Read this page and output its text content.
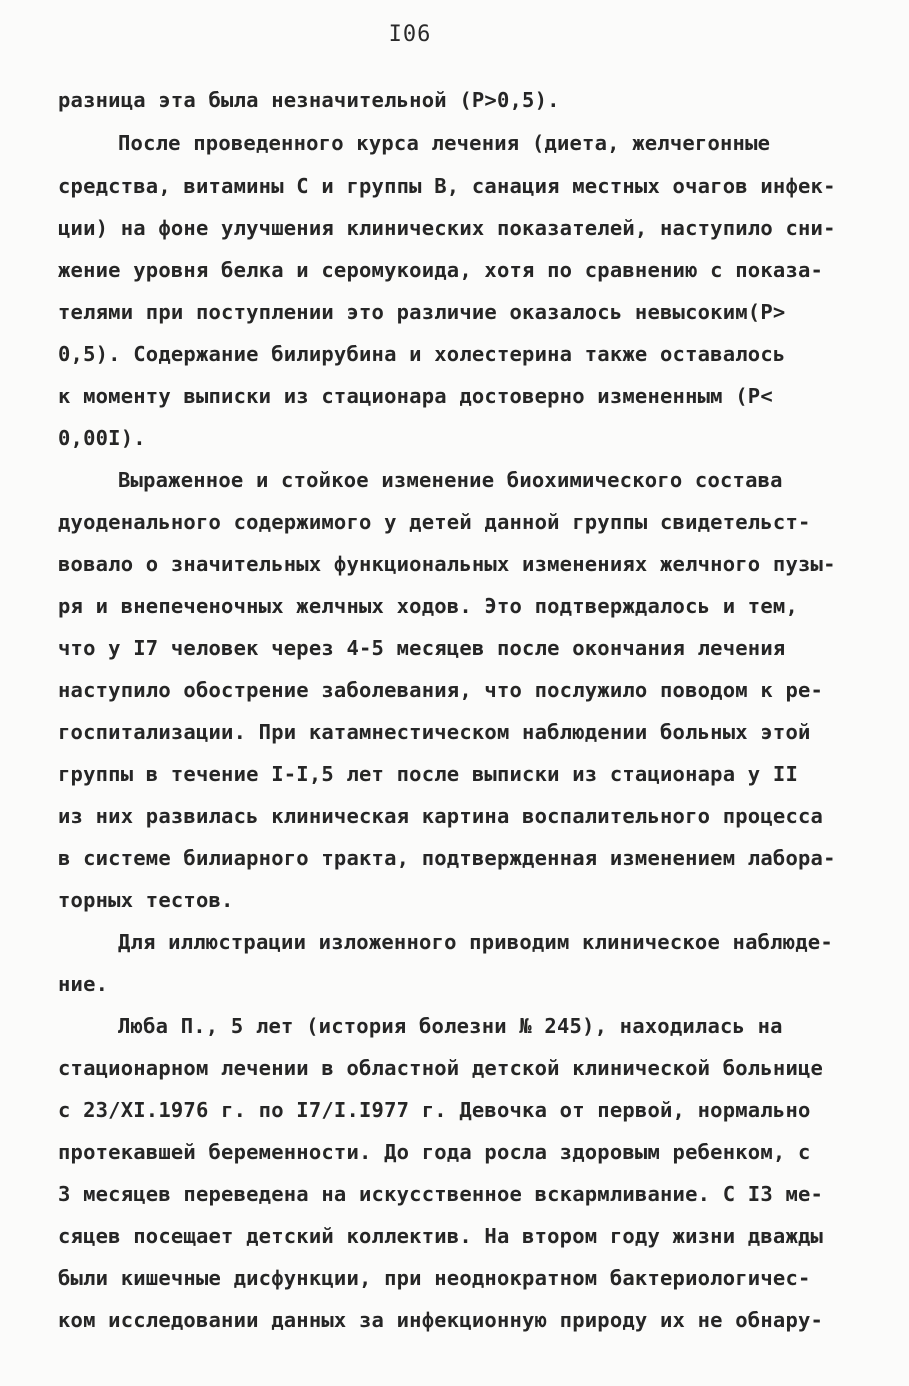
I06
разница эта была незначительной (Р>0,5).
После проведенного курса лечения (диета, желчегонные
средства, витамины С и группы В, санация местных очагов инфек-
ции) на фоне улучшения клинических показателей, наступило сни-
жение уровня белка и серомукоида, хотя по сравнению с показа-
телями при поступлении это различие оказалось невысоким(Р>
0,5). Содержание билирубина и холестерина также оставалось
к моменту выписки из стационара достоверно измененным (Р<
0,00I).
Выраженное и стойкое изменение биохимического состава
дуоденального содержимого у детей данной группы свидетельст-
вовало о значительных функциональных изменениях желчного пузы-
ря и внепеченочных желчных ходов. Это подтверждалось и тем,
что у I7 человек через 4-5 месяцев после окончания лечения
наступило обострение заболевания, что послужило поводом к ре-
госпитализации. При катамнестическом наблюдении больных этой
группы в течение I-I,5 лет после выписки из стационара у II
из них развилась клиническая картина воспалительного процесса
в системе билиарного тракта, подтвержденная изменением лабора-
торных тестов.
Для иллюстрации изложенного приводим клиническое наблюде-
ние.
Люба П., 5 лет (история болезни № 245), находилась на
стационарном лечении в областной детской клинической больнице
с 23/XI.1976 г. по I7/I.I977 г. Девочка от первой, нормально
протекавшей беременности. До года росла здоровым ребенком, с
3 месяцев переведена на искусственное вскармливание. С I3 ме-
сяцев посещает детский коллектив. На втором году жизни дважды
были кишечные дисфункции, при неоднократном бактериологичес-
ком исследовании данных за инфекционную природу их не обнару-
